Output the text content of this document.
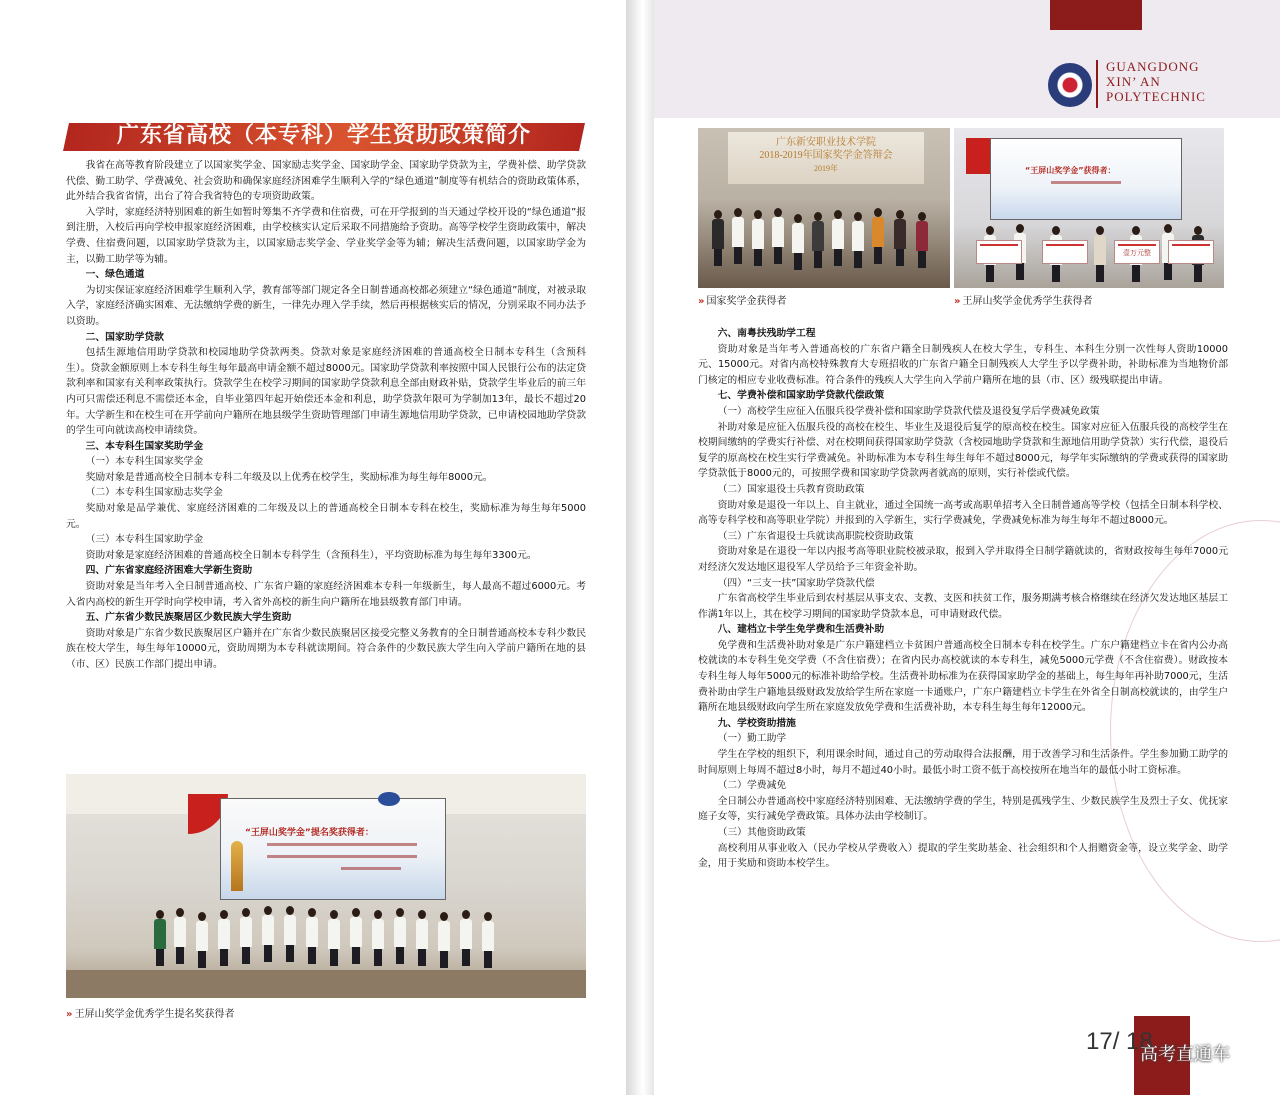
广东省高校（本专科）学生资助政策简介

我省在高等教育阶段建立了以国家奖学金、国家励志奖学金、国家助学金、国家助学贷款为主，学费补偿、助学贷款代偿、勤工助学、学费减免、社会资助和确保家庭经济困难学生顺利入学的“绿色通道”制度等有机结合的资助政策体系，此外结合我省省情，出台了符合我省特色的专项资助政策。

入学时，家庭经济特别困难的新生如暂时筹集不齐学费和住宿费，可在开学报到的当天通过学校开设的“绿色通道”报到注册，入校后再向学校申报家庭经济困难，由学校核实认定后采取不同措施给予资助。高等学校学生资助政策中，解决学费、住宿费问题，以国家助学贷款为主，以国家励志奖学金、学业奖学金等为辅；解决生活费问题，以国家助学金为主，以勤工助学等为辅。

一、绿色通道

为切实保证家庭经济困难学生顺利入学，教育部等部门规定各全日制普通高校都必须建立“绿色通道”制度，对被录取入学，家庭经济确实困难、无法缴纳学费的新生，一律先办理入学手续，然后再根据核实后的情况，分别采取不同办法予以资助。

二、国家助学贷款

包括生源地信用助学贷款和校园地助学贷款两类。贷款对象是家庭经济困难的普通高校全日制本专科生（含预科生）。贷款金额原则上本专科生每生每年最高申请金额不超过8000元。国家助学贷款利率按照中国人民银行公布的法定贷款利率和国家有关利率政策执行。贷款学生在校学习期间的国家助学贷款利息全部由财政补贴，贷款学生毕业后的前三年内可只需偿还利息不需偿还本金，自毕业第四年起开始偿还本金和利息，助学贷款年限可为学制加13年，最长不超过20年。大学新生和在校生可在开学前向户籍所在地县级学生资助管理部门申请生源地信用助学贷款，已申请校园地助学贷款的学生可向就读高校申请续贷。

三、本专科生国家奖助学金

（一）本专科生国家奖学金

奖励对象是普通高校全日制本专科二年级及以上优秀在校学生，奖励标准为每生每年8000元。

（二）本专科生国家励志奖学金

奖励对象是品学兼优、家庭经济困难的二年级及以上的普通高校全日制本专科在校生，奖励标准为每生每年5000元。

（三）本专科生国家助学金

资助对象是家庭经济困难的普通高校全日制本专科学生（含预科生），平均资助标准为每生每年3300元。

四、广东省家庭经济困难大学新生资助

资助对象是当年考入全日制普通高校、广东省户籍的家庭经济困难本专科一年级新生，每人最高不超过6000元。考入省内高校的新生开学时向学校申请，考入省外高校的新生向户籍所在地县级教育部门申请。

五、广东省少数民族聚居区少数民族大学生资助

资助对象是广东省少数民族聚居区户籍并在广东省少数民族聚居区接受完整义务教育的全日制普通高校本专科少数民族在校大学生，每生每年10000元，资助周期为本专科就读期间。符合条件的少数民族大学生向入学前户籍所在地的县（市、区）民族工作部门提出申请。

“王屏山奖学金”提名奖获得者：
» 王屏山奖学金优秀学生提名奖获得者
GUANGDONG
XIN’ AN
POLYTECHNIC
广东新安职业技术学院
2018-2019年国家奖学金答辩会
2019年
» 国家奖学金获得者
“王屏山奖学金”获得者：
壹万元整
» 王屏山奖学金优秀学生获得者

六、南粤扶残助学工程

资助对象是当年考入普通高校的广东省户籍全日制残疾人在校大学生，专科生、本科生分别一次性每人资助10000元、15000元。对省内高校特殊教育大专班招收的广东省户籍全日制残疾人大学生予以学费补助，补助标准为当地物价部门核定的相应专业收费标准。符合条件的残疾人大学生向入学前户籍所在地的县（市、区）级残联提出申请。

七、学费补偿和国家助学贷款代偿政策

（一）高校学生应征入伍服兵役学费补偿和国家助学贷款代偿及退役复学后学费减免政策

补助对象是应征入伍服兵役的高校在校生、毕业生及退役后复学的原高校在校生。国家对应征入伍服兵役的高校学生在校期间缴纳的学费实行补偿、对在校期间获得国家助学贷款（含校园地助学贷款和生源地信用助学贷款）实行代偿，退役后复学的原高校在校生实行学费减免。补助标准为本专科生每生每年不超过8000元，每学年实际缴纳的学费或获得的国家助学贷款低于8000元的，可按照学费和国家助学贷款两者就高的原则，实行补偿或代偿。

（二）国家退役士兵教育资助政策

资助对象是退役一年以上、自主就业，通过全国统一高考或高职单招考入全日制普通高等学校（包括全日制本科学校、高等专科学校和高等职业学院）并报到的入学新生，实行学费减免，学费减免标准为每生每年不超过8000元。

（三）广东省退役士兵就读高职院校资助政策

资助对象是在退役一年以内报考高等职业院校被录取，报到入学并取得全日制学籍就读的，省财政按每生每年7000元对经济欠发达地区退役军人学员给予三年资金补助。

（四）“三支一扶”国家助学贷款代偿

广东省高校学生毕业后到农村基层从事支农、支教、支医和扶贫工作，服务期满考核合格继续在经济欠发达地区基层工作满1年以上，其在校学习期间的国家助学贷款本息，可申请财政代偿。

八、建档立卡学生免学费和生活费补助

免学费和生活费补助对象是广东户籍建档立卡贫困户普通高校全日制本专科在校学生。广东户籍建档立卡在省内公办高校就读的本专科生免交学费（不含住宿费）；在省内民办高校就读的本专科生，减免5000元学费（不含住宿费）。财政按本专科生每人每年5000元的标准补助给学校。生活费补助标准为在获得国家助学金的基础上，每生每年再补助7000元，生活费补助由学生户籍地县级财政发放给学生所在家庭一卡通账户，广东户籍建档立卡学生在外省全日制高校就读的，由学生户籍所在地县级财政向学生所在家庭发放免学费和生活费补助，本专科生每生每年12000元。

九、学校资助措施

（一）勤工助学

学生在学校的组织下，利用课余时间，通过自己的劳动取得合法报酬，用于改善学习和生活条件。学生参加勤工助学的时间原则上每周不超过8小时，每月不超过40小时。最低小时工资不低于高校按所在地当年的最低小时工资标准。

（二）学费减免

全日制公办普通高校中家庭经济特别困难、无法缴纳学费的学生，特别是孤残学生、少数民族学生及烈士子女、优抚家庭子女等，实行减免学费政策。具体办法由学校制订。

（三）其他资助政策

高校利用从事业收入（民办学校从学费收入）提取的学生奖助基金、社会组织和个人捐赠资金等，设立奖学金、助学金，用于奖励和资助本校学生。

17/ 18
高考直通车
